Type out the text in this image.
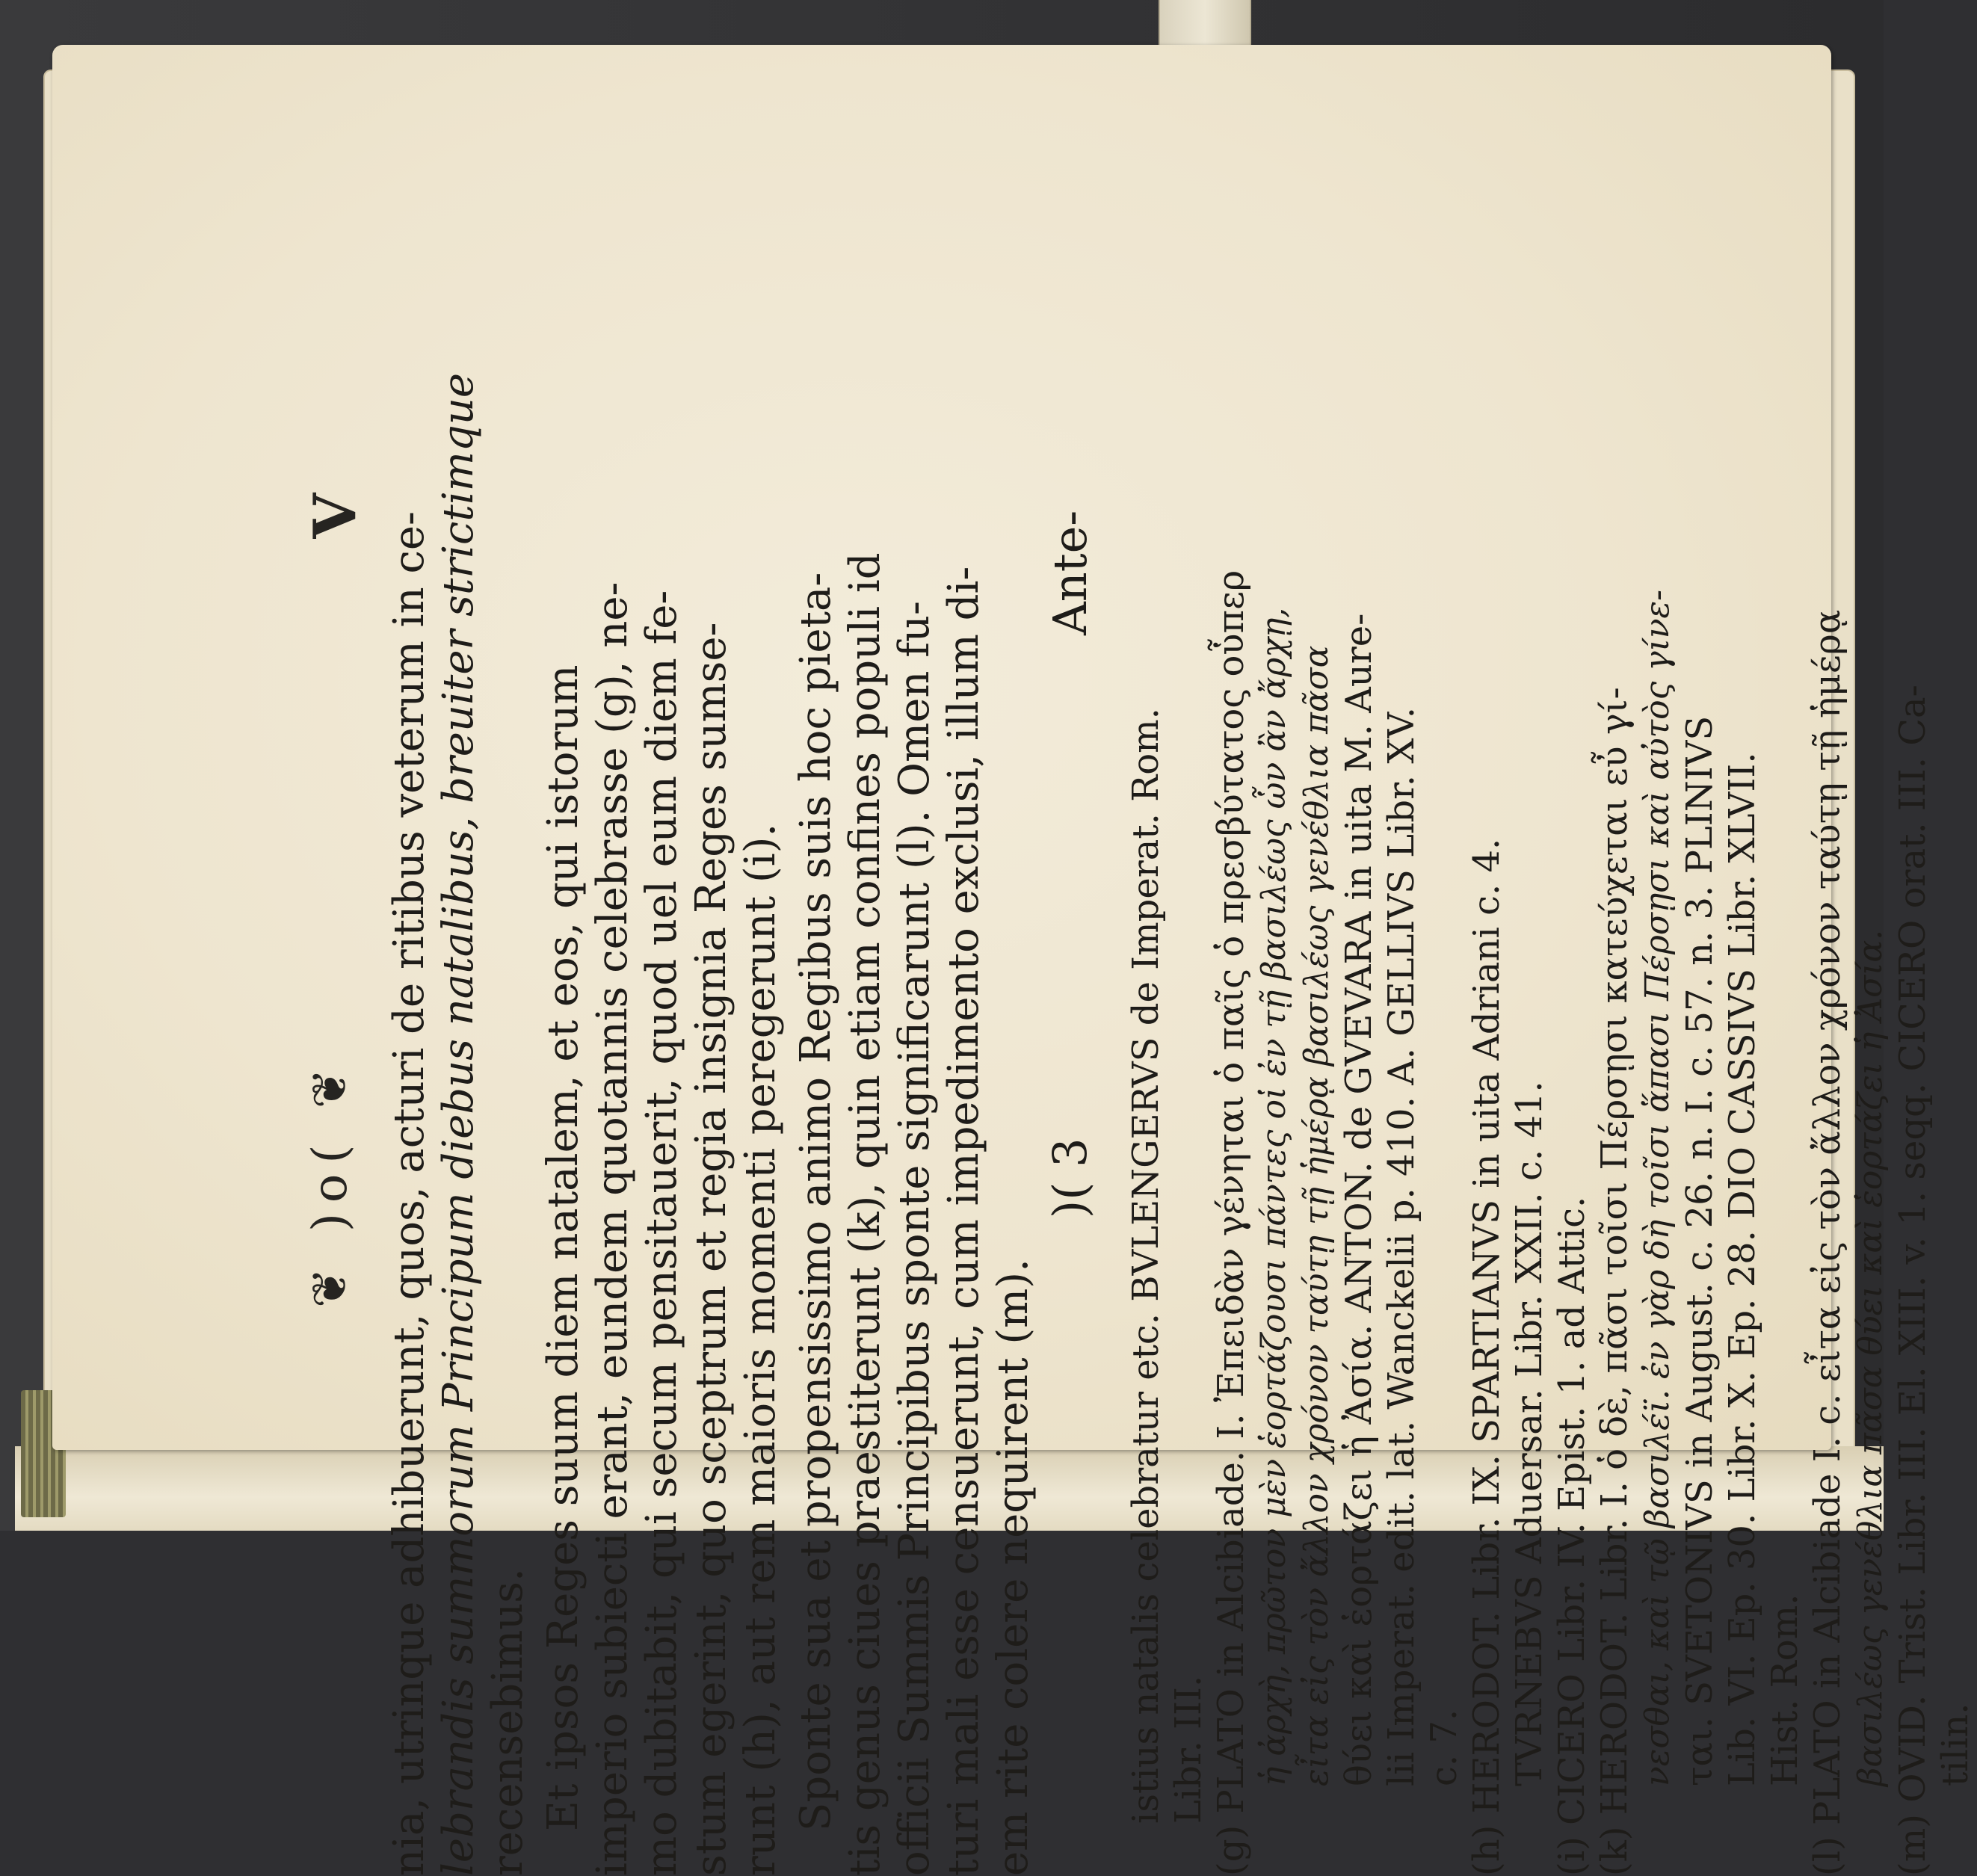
❦ )o( ❦
V nia, utrinque adhibuerunt, quos, acturi de ritibus veterum in ce- lebrandis summorum Principum diebus natalibus, breuiter strictimque recensebimus. Et ipsos Reges suum diem natalem, et eos, qui istorum imperio subiecti erant, eundem quotannis celebrasse (g), ne- mo dubitabit, qui secum pensitauerit, quod uel eum diem fe- stum egerint, quo sceptrum et regia insignia Reges sumse- runt (h), aut rem maioris momenti peregerunt (i). Sponte sua et propensissimo animo Regibus suis hoc pieta- tis genus ciues praestiterunt (k), quin etiam confines populi id officii Summis Principibus sponte significarunt (l). Omen fu- turi mali esse censuerunt, cum impedimento exclusi, illum di- em rite colere nequirent (m).
)( 3
Ante-
istius natalis celebratur etc. BVLENGERVS de Imperat. Rom. Libr. III. (g) PLATO in Alcibiade. I. Ἐπειδὰν γένηται ὁ παῖς ὁ πρεσβύτατος οὗπερ ἡ ἀρχὴ, πρῶτον μὲν ἑορτάζουσι πάντες οἱ ἐν τῇ βασιλέως ὧν ἂν ἄρχῃ, εἶτα εἰς τὸν ἄλλον χρόνον ταύτῃ τῇ ἡμέρᾳ βασιλέως γενέθλια πᾶσα θύει καὶ ἑορτάζει ἡ Ἀσία. ANTON. de GVEVARA in uita M. Aure- lii Imperat. edit. lat. Wanckelii p. 410. A. GELLIVS Libr. XV. c. 7. (h) HERODOT. Libr. IX. SPARTIANVS in uita Adriani c. 4. TVRNEBVS Aduersar. Libr. XXII. c. 41. (i) CICERO Libr. IV. Epist. 1. ad Attic. (k) HERODOT. Libr. I. ὁ δὲ, πᾶσι τοῖσι Πέρσῃσι κατεύχεται εὖ γί- νεσθαι, καὶ τῷ βασιλέϊ. ἐν γὰρ δὴ τοῖσι ἅπασι Πέρσῃσι καὶ αὐτὸς γίνε- ται. SVETONIVS in August. c. 26. n. I. c. 57. n. 3. PLINIVS Lib. VI. Ep. 30. Libr. X. Ep. 28. DIO CASSIVS Libr. XLVII. Hist. Rom. (l) PLATO in Alcibiade I. c. εἶτα εἰς τὸν ἄλλον χρόνον ταύτῃ τῇ ἡμέρᾳ βασιλέως γενέθλια πᾶσα θύει καὶ ἑορτάζει ἡ Ἀσία. (m) OVID. Trist. Libr. III. El. XIII. v. 1. seqq. CICERO orat. III. Ca- tilin.
